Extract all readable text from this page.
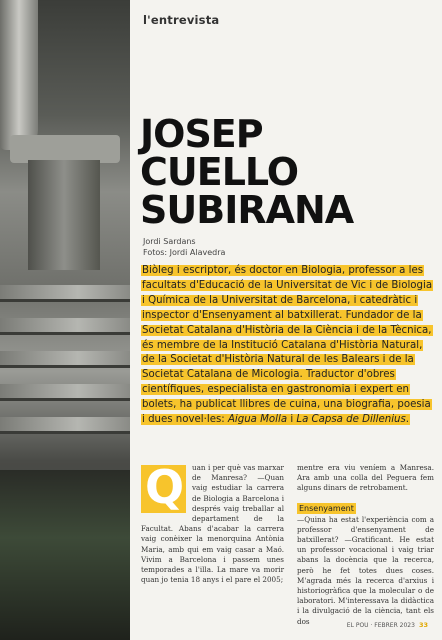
l'entrevista
JOSEP
CUELLO
SUBIRANA
Jordi Sardans
Fotos: Jordi Alavedra
Biòleg i escriptor, és doctor en Biologia, professor a les facultats d'Educació de la Universitat de Vic i de Biologia i Química de la Universitat de Barcelona, i catedràtic i inspector d'Ensenyament al batxillerat. Fundador de la Societat Catalana d'Història de la Ciència i de la Tècnica, és membre de la Institució Catalana d'Història Natural, de la Societat d'Història Natural de les Balears i de la Societat Catalana de Micologia. Traductor d'obres científiques, especialista en gastronomia i expert en bolets, ha publicat llibres de cuina, una biografia, poesia i dues novel·les: Aigua Molla i La Capsa de Dillenius.
Q uan i per què vas marxar de Manresa? —Quan vaig estudiar la carrera de Biologia a Barcelona i després vaig treballar al departament de la Facultat. Abans d'acabar la carrera vaig conèixer la menorquina Antònia Maria, amb qui em vaig casar a Maó. Vivim a Barcelona i passem unes temporades a l'illa. La mare va morir quan jo tenia 18 anys i el pare el 2005;

mentre era viu veníem a Manresa. Ara amb una colla del Peguera fem alguns dinars de retrobament.

Ensenyament

—Quina ha estat l'experiència com a professor d'ensenyament de batxillerat? —Gratificant. He estat un professor vocacional i vaig triar abans la docència que la recerca, però he fet totes dues coses. M'agrada més la recerca d'arxius i historiogràfica que la molecular o de laboratori. M'interessava la didàctica i la divulgació de la ciència, tant els dos	EL POU · FEBRER 2023 33
